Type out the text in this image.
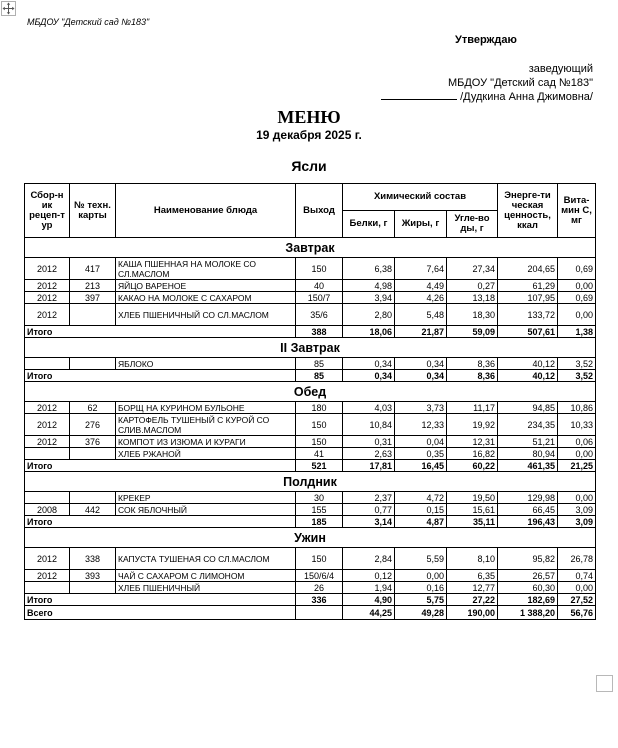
МБДОУ "Детский сад №183"
Утверждаю
заведующий
МБДОУ "Детский сад №183"
/Дудкина Анна Джимовна/
МЕНЮ
19 декабря 2025 г.
Ясли
Сбор-н ик рецеп-т ур	№ техн. карты	Наименование блюда	Выход	Химический состав			Энерге-ти ческая ценность, ккал	Вита-мин С, мг
				Белки, г	Жиры, г	Угле-во ды, г		
Завтрак								
2012	417	КАША ПШЕННАЯ НА МОЛОКЕ СО СЛ.МАСЛОМ	150	6,38	7,64	27,34	204,65	0,69
2012	213	ЯЙЦО ВАРЕНОЕ	40	4,98	4,49	0,27	61,29	0,00
2012	397	КАКАО НА МОЛОКЕ С САХАРОМ	150/7	3,94	4,26	13,18	107,95	0,69
2012		ХЛЕБ ПШЕНИЧНЫЙ СО СЛ.МАСЛОМ	35/6	2,80	5,48	18,30	133,72	0,00
Итого			388	18,06	21,87	59,09	507,61	1,38
II Завтрак								
		ЯБЛОКО	85	0,34	0,34	8,36	40,12	3,52
Итого			85	0,34	0,34	8,36	40,12	3,52
Обед								
2012	62	БОРЩ НА КУРИНОМ БУЛЬОНЕ	180	4,03	3,73	11,17	94,85	10,86
2012	276	КАРТОФЕЛЬ ТУШЕНЫЙ С КУРОЙ СО СЛИВ.МАСЛОМ	150	10,84	12,33	19,92	234,35	10,33
2012	376	КОМПОТ ИЗ ИЗЮМА И КУРАГИ	150	0,31	0,04	12,31	51,21	0,06
		ХЛЕБ РЖАНОЙ	41	2,63	0,35	16,82	80,94	0,00
Итого			521	17,81	16,45	60,22	461,35	21,25
Полдник								
		КРЕКЕР	30	2,37	4,72	19,50	129,98	0,00
2008	442	СОК ЯБЛОЧНЫЙ	155	0,77	0,15	15,61	66,45	3,09
Итого			185	3,14	4,87	35,11	196,43	3,09
Ужин								
2012	338	КАПУСТА ТУШЕНАЯ СО СЛ.МАСЛОМ	150	2,84	5,59	8,10	95,82	26,78
2012	393	ЧАЙ С САХАРОМ С ЛИМОНОМ	150/6/4	0,12	0,00	6,35	26,57	0,74
		ХЛЕБ ПШЕНИЧНЫЙ	26	1,94	0,16	12,77	60,30	0,00
Итого			336	4,90	5,75	27,22	182,69	27,52
Всего				44,25	49,28	190,00	1 388,20	56,76
